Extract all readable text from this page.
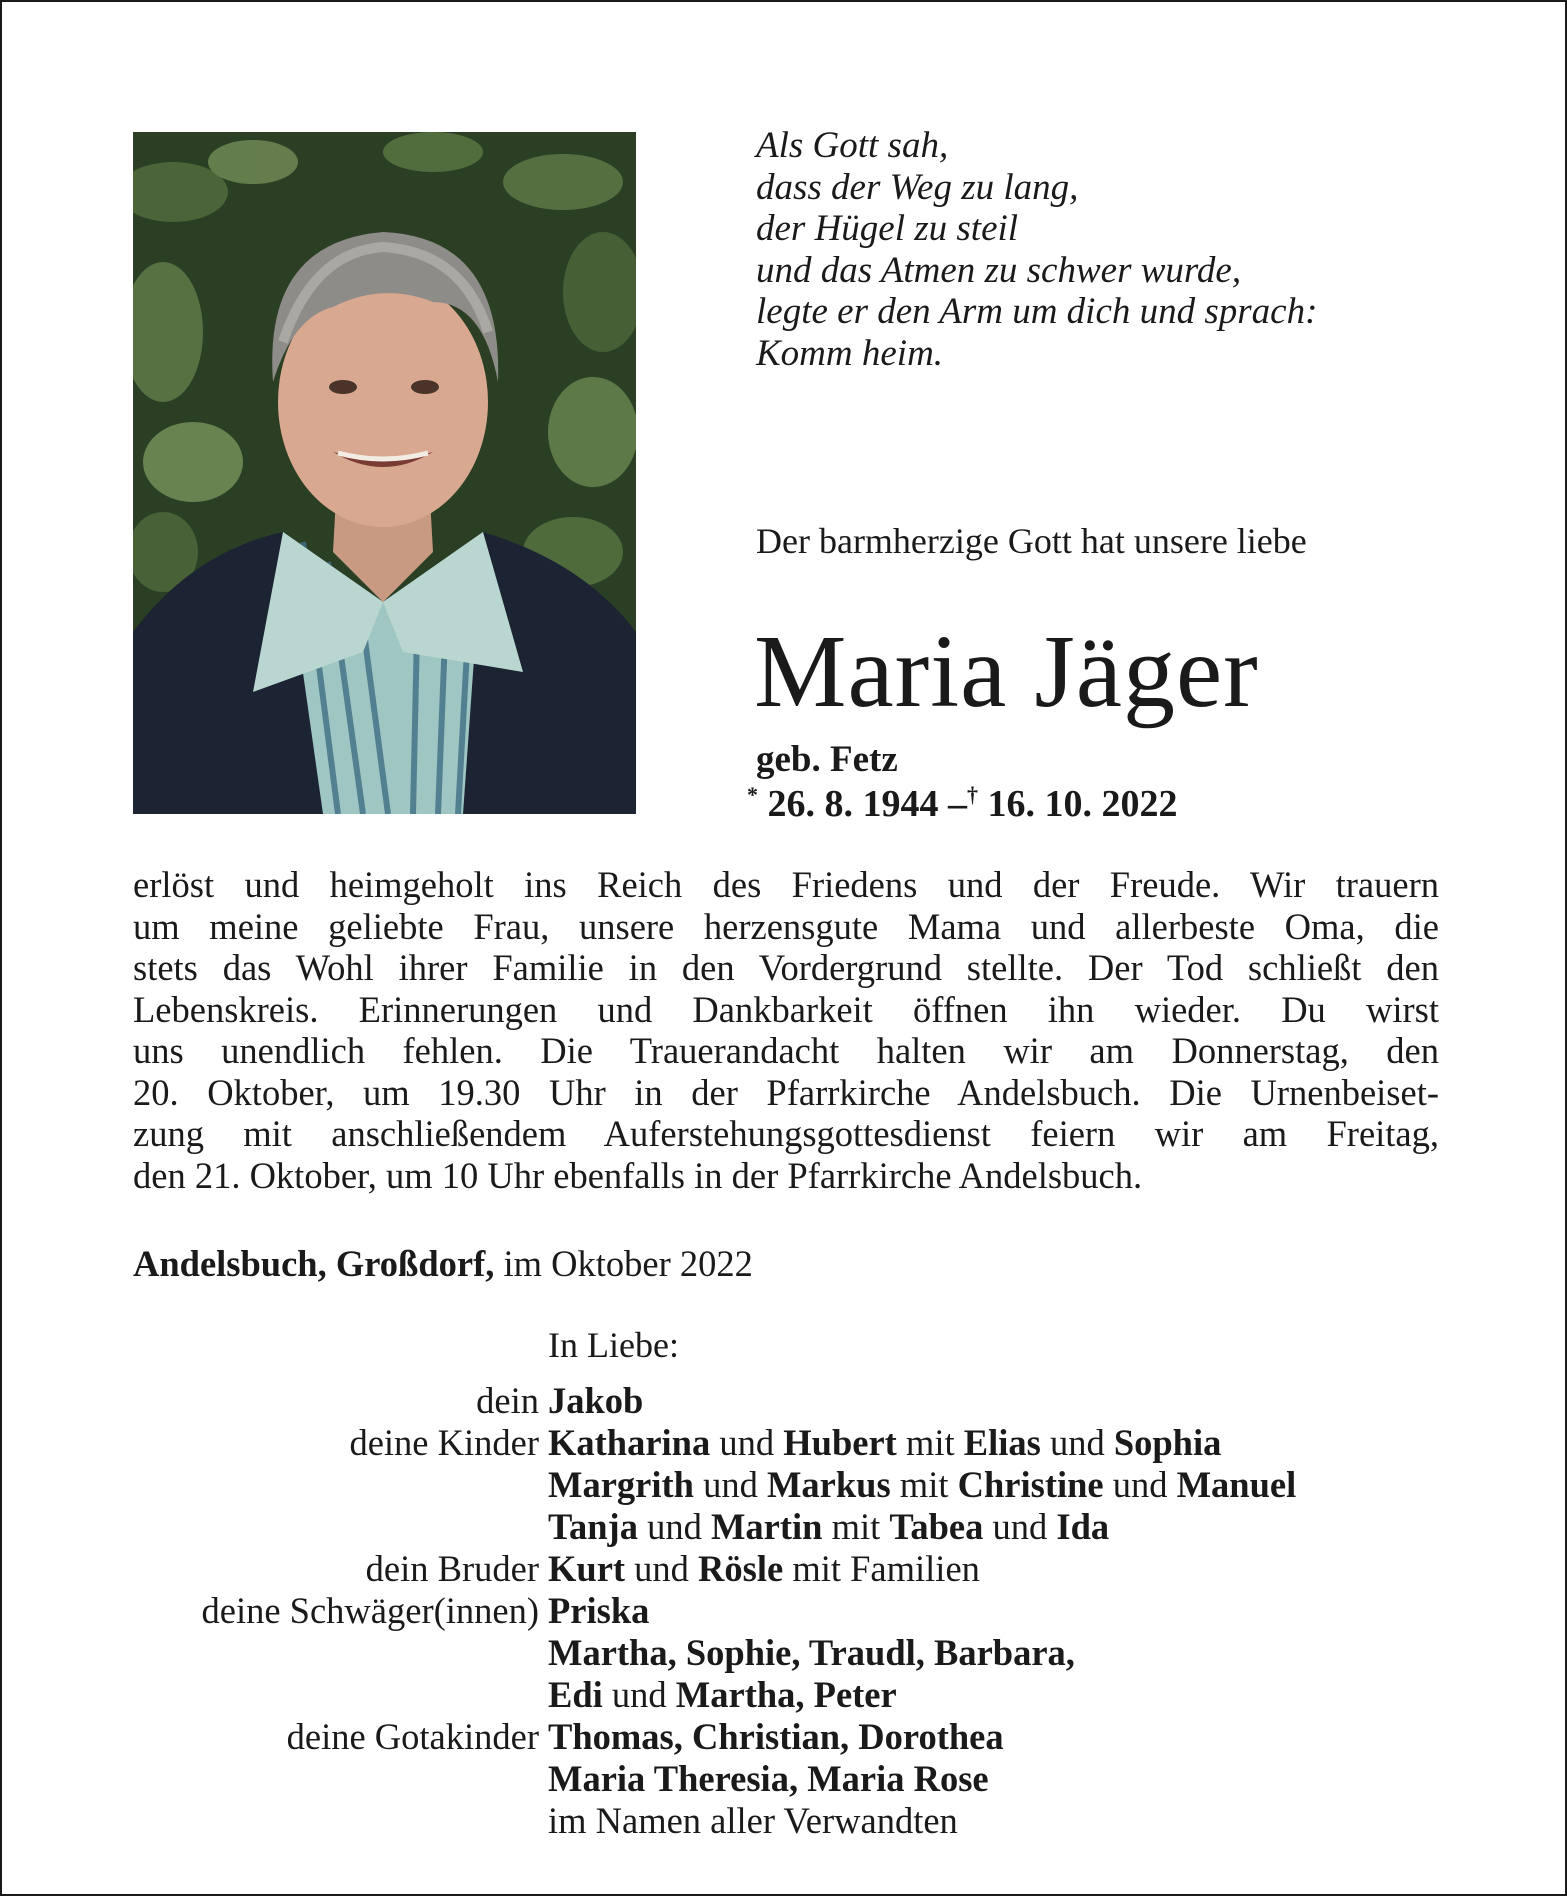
Als Gott sah,
dass der Weg zu lang,
der Hügel zu steil
und das Atmen zu schwer wurde,
legte er den Arm um dich und sprach:
Komm heim.
Der barmherzige Gott hat unsere liebe
Maria Jäger
geb. Fetz
* 26. 8. 1944 –† 16. 10. 2022
erlöst und heimgeholt ins Reich des Friedens und der Freude. Wir trauern
um meine geliebte Frau, unsere herzensgute Mama und allerbeste Oma, die
stets das Wohl ihrer Familie in den Vordergrund stellte. Der Tod schließt den
Lebenskreis. Erinnerungen und Dankbarkeit öffnen ihn wieder. Du wirst
uns unendlich fehlen. Die Trauerandacht halten wir am Donnerstag, den
20. Oktober, um 19.30 Uhr in der Pfarrkirche Andelsbuch. Die Urnenbeiset-
zung mit anschließendem Auferstehungsgottesdienst feiern wir am Freitag,
den 21. Oktober, um 10 Uhr ebenfalls in der Pfarrkirche Andelsbuch.
Andelsbuch, Großdorf, im Oktober 2022
In Liebe:
dein Jakob
deine Kinder Katharina und Hubert mit Elias und Sophia
Margrith und Markus mit Christine und Manuel
Tanja und Martin mit Tabea und Ida
dein Bruder Kurt und Rösle mit Familien
deine Schwäger(innen) Priska
Martha, Sophie, Traudl, Barbara,
Edi und Martha, Peter
deine Gotakinder Thomas, Christian, Dorothea
Maria Theresia, Maria Rose
im Namen aller Verwandten
